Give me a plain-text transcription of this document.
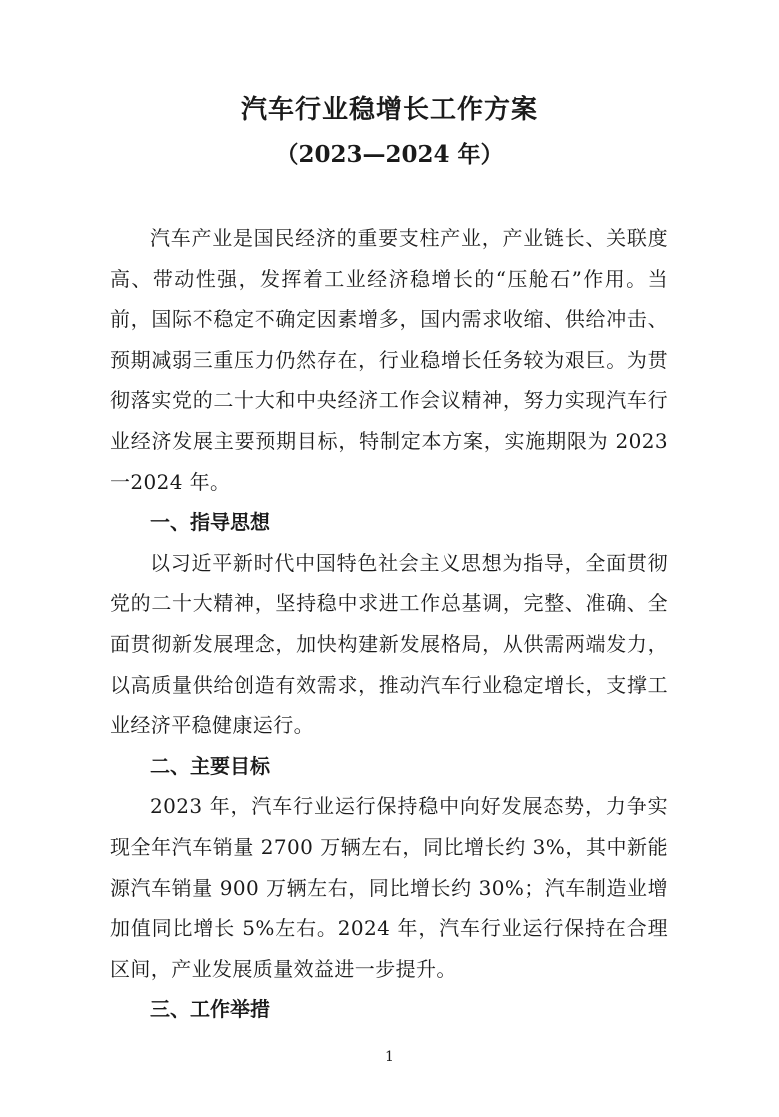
汽车行业稳增长工作方案
（2023—2024 年）

汽车产业是国民经济的重要支柱产业，产业链长、关联度高、带动性强，发挥着工业经济稳增长的“压舱石”作用。当前，国际不稳定不确定因素增多，国内需求收缩、供给冲击、预期减弱三重压力仍然存在，行业稳增长任务较为艰巨。为贯彻落实党的二十大和中央经济工作会议精神，努力实现汽车行业经济发展主要预期目标，特制定本方案，实施期限为 2023一2024 年。

一、指导思想

以习近平新时代中国特色社会主义思想为指导，全面贯彻党的二十大精神，坚持稳中求进工作总基调，完整、准确、全面贯彻新发展理念，加快构建新发展格局，从供需两端发力，以高质量供给创造有效需求，推动汽车行业稳定增长，支撑工业经济平稳健康运行。

二、主要目标

2023 年，汽车行业运行保持稳中向好发展态势，力争实现全年汽车销量 2700 万辆左右，同比增长约 3%，其中新能源汽车销量 900 万辆左右，同比增长约 30%；汽车制造业增加值同比增长 5%左右。2024 年，汽车行业运行保持在合理区间，产业发展质量效益进一步提升。

三、工作举措

1
